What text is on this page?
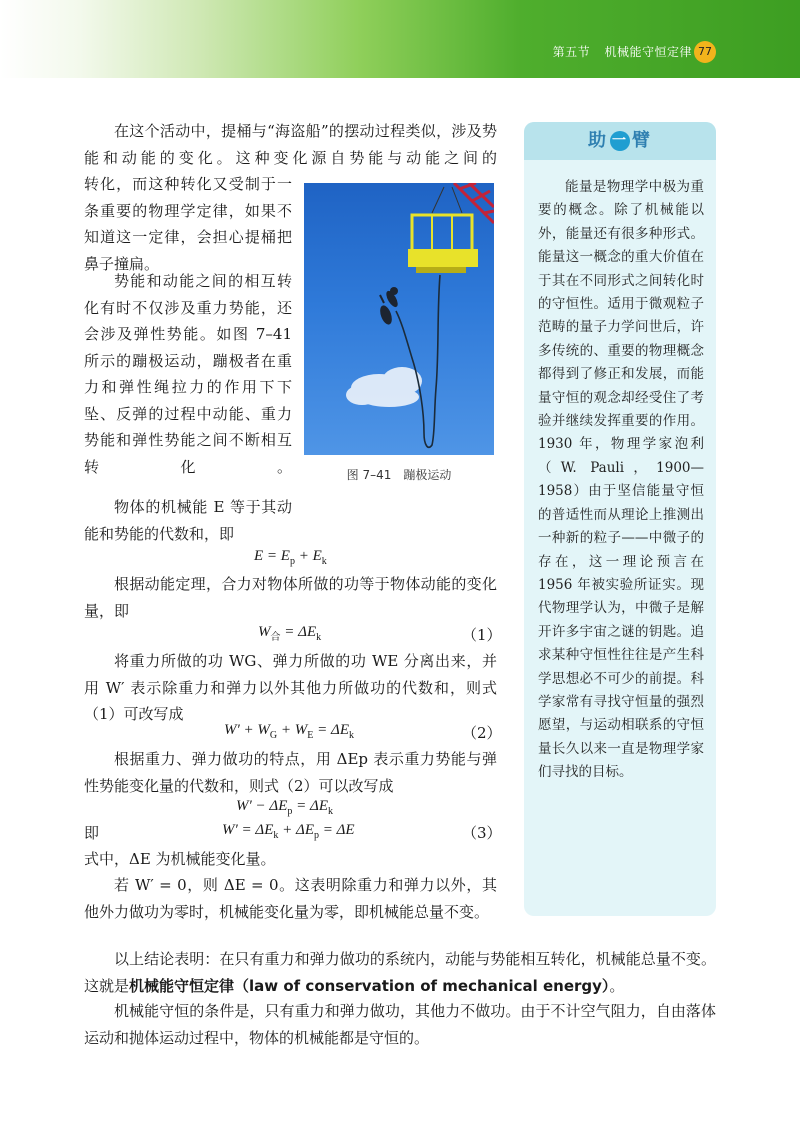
第五节 机械能守恒定律 77

在这个活动中，提桶与“海盗船”的摆动过程类似，涉及势能和动能的变化。这种变化源自势能与动能之间的

转化，而这种转化又受制于一条重要的物理学定律，如果不知道这一定律，会担心提桶把鼻子撞扁。

势能和动能之间的相互转化有时不仅涉及重力势能，还会涉及弹性势能。如图 7–41 所示的蹦极运动，蹦极者在重力和弹性绳拉力的作用下下坠、反弹的过程中动能、重力势能和弹性势能之间不断相互转化。

物体的机械能 E 等于其动能和势能的代数和，即

图 7–41　蹦极运动
$E = E_p + E_k$

根据动能定理，合力对物体所做的功等于物体动能的变化量，即

$W_合 = \Delta E_k$	（1）

将重力所做的功 WG、弹力所做的功 WE 分离出来，并用 W′ 表示除重力和弹力以外其他力所做功的代数和，则式（1）可改写成

$W' + W_G + W_E = \Delta E_k$	（2）

根据重力、弹力做功的特点，用 ΔEp 表示重力势能与弹性势能变化量的代数和，则式（2）可以改写成

$W' - \Delta E_p = \Delta E_k$
即	$W' = \Delta E_k + \Delta E_p = \Delta E$	（3）

式中，ΔE 为机械能变化量。

若 W′ = 0，则 ΔE = 0。这表明除重力和弹力以外，其他外力做功为零时，机械能变化量为零，即机械能总量不变。

以上结论表明：在只有重力和弹力做功的系统内，动能与势能相互转化，机械能总量不变。这就是机械能守恒定律（law of conservation of mechanical energy）。

机械能守恒的条件是，只有重力和弹力做功，其他力不做功。由于不计空气阻力，自由落体运动和抛体运动过程中，物体的机械能都是守恒的。

助 一 臂

能量是物理学中极为重要的概念。除了机械能以外，能量还有很多种形式。能量这一概念的重大价值在于其在不同形式之间转化时的守恒性。适用于微观粒子范畴的量子力学问世后，许多传统的、重要的物理概念都得到了修正和发展，而能量守恒的观念却经受住了考验并继续发挥重要的作用。1930 年，物理学家泡利（W. Pauli，1900—1958）由于坚信能量守恒的普适性而从理论上推测出一种新的粒子——中微子的存在，这一理论预言在 1956 年被实验所证实。现代物理学认为，中微子是解开许多宇宙之谜的钥匙。追求某种守恒性往往是产生科学思想必不可少的前提。科学家常有寻找守恒量的强烈愿望，与运动相联系的守恒量长久以来一直是物理学家们寻找的目标。
